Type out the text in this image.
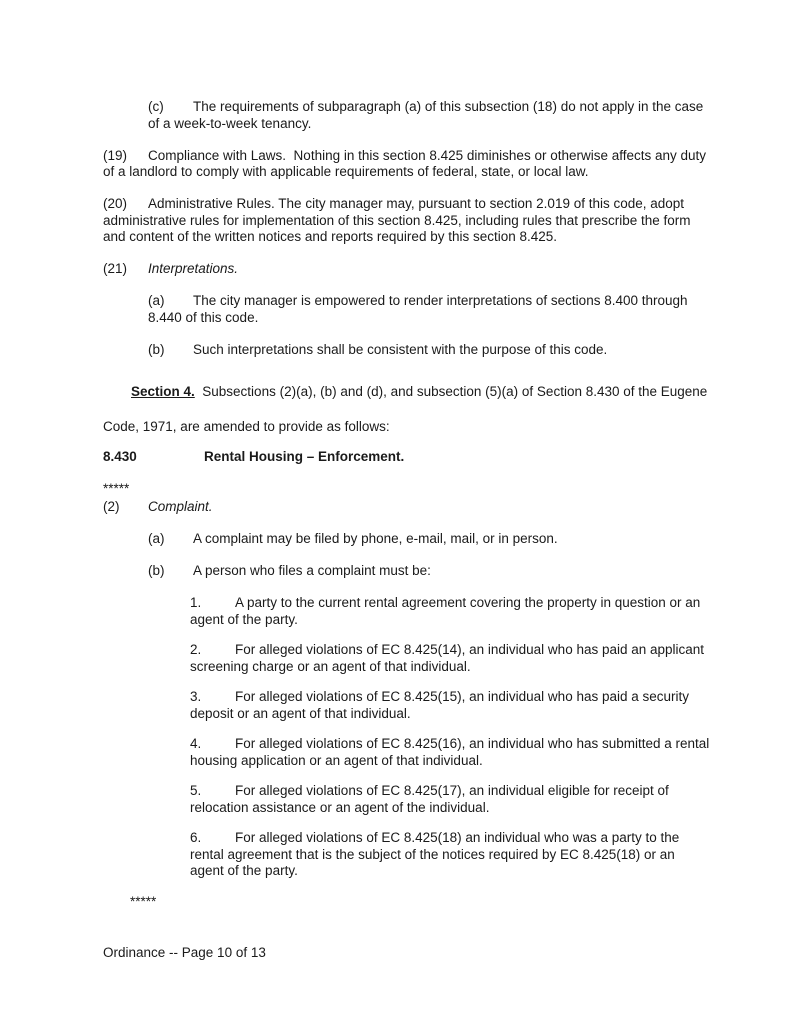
(c) The requirements of subparagraph (a) of this subsection (18) do not apply in the case of a week-to-week tenancy.

(19) Compliance with Laws.  Nothing in this section 8.425 diminishes or otherwise affects any duty of a landlord to comply with applicable requirements of federal, state, or local law.

(20) Administrative Rules. The city manager may, pursuant to section 2.019 of this code, adopt administrative rules for implementation of this section 8.425, including rules that prescribe the form and content of the written notices and reports required by this section 8.425.

(21) Interpretations.

(a) The city manager is empowered to render interpretations of sections 8.400 through 8.440 of this code.

(b) Such interpretations shall be consistent with the purpose of this code.

Section 4.  Subsections (2)(a), (b) and (d), and subsection (5)(a) of Section 8.430 of the Eugene Code, 1971, are amended to provide as follows:

8.430	Rental Housing – Enforcement.

*****

(2) Complaint.

(a) A complaint may be filed by phone, e-mail, mail, or in person.

(b) A person who files a complaint must be:

1. A party to the current rental agreement covering the property in question or an agent of the party.

2. For alleged violations of EC 8.425(14), an individual who has paid an applicant screening charge or an agent of that individual.

3. For alleged violations of EC 8.425(15), an individual who has paid a security deposit or an agent of that individual.

4. For alleged violations of EC 8.425(16), an individual who has submitted a rental housing application or an agent of that individual.

5. For alleged violations of EC 8.425(17), an individual eligible for receipt of relocation assistance or an agent of the individual.

6. For alleged violations of EC 8.425(18) an individual who was a party to the rental agreement that is the subject of the notices required by EC 8.425(18) or an agent of the party.

*****

Ordinance -- Page 10 of 13
